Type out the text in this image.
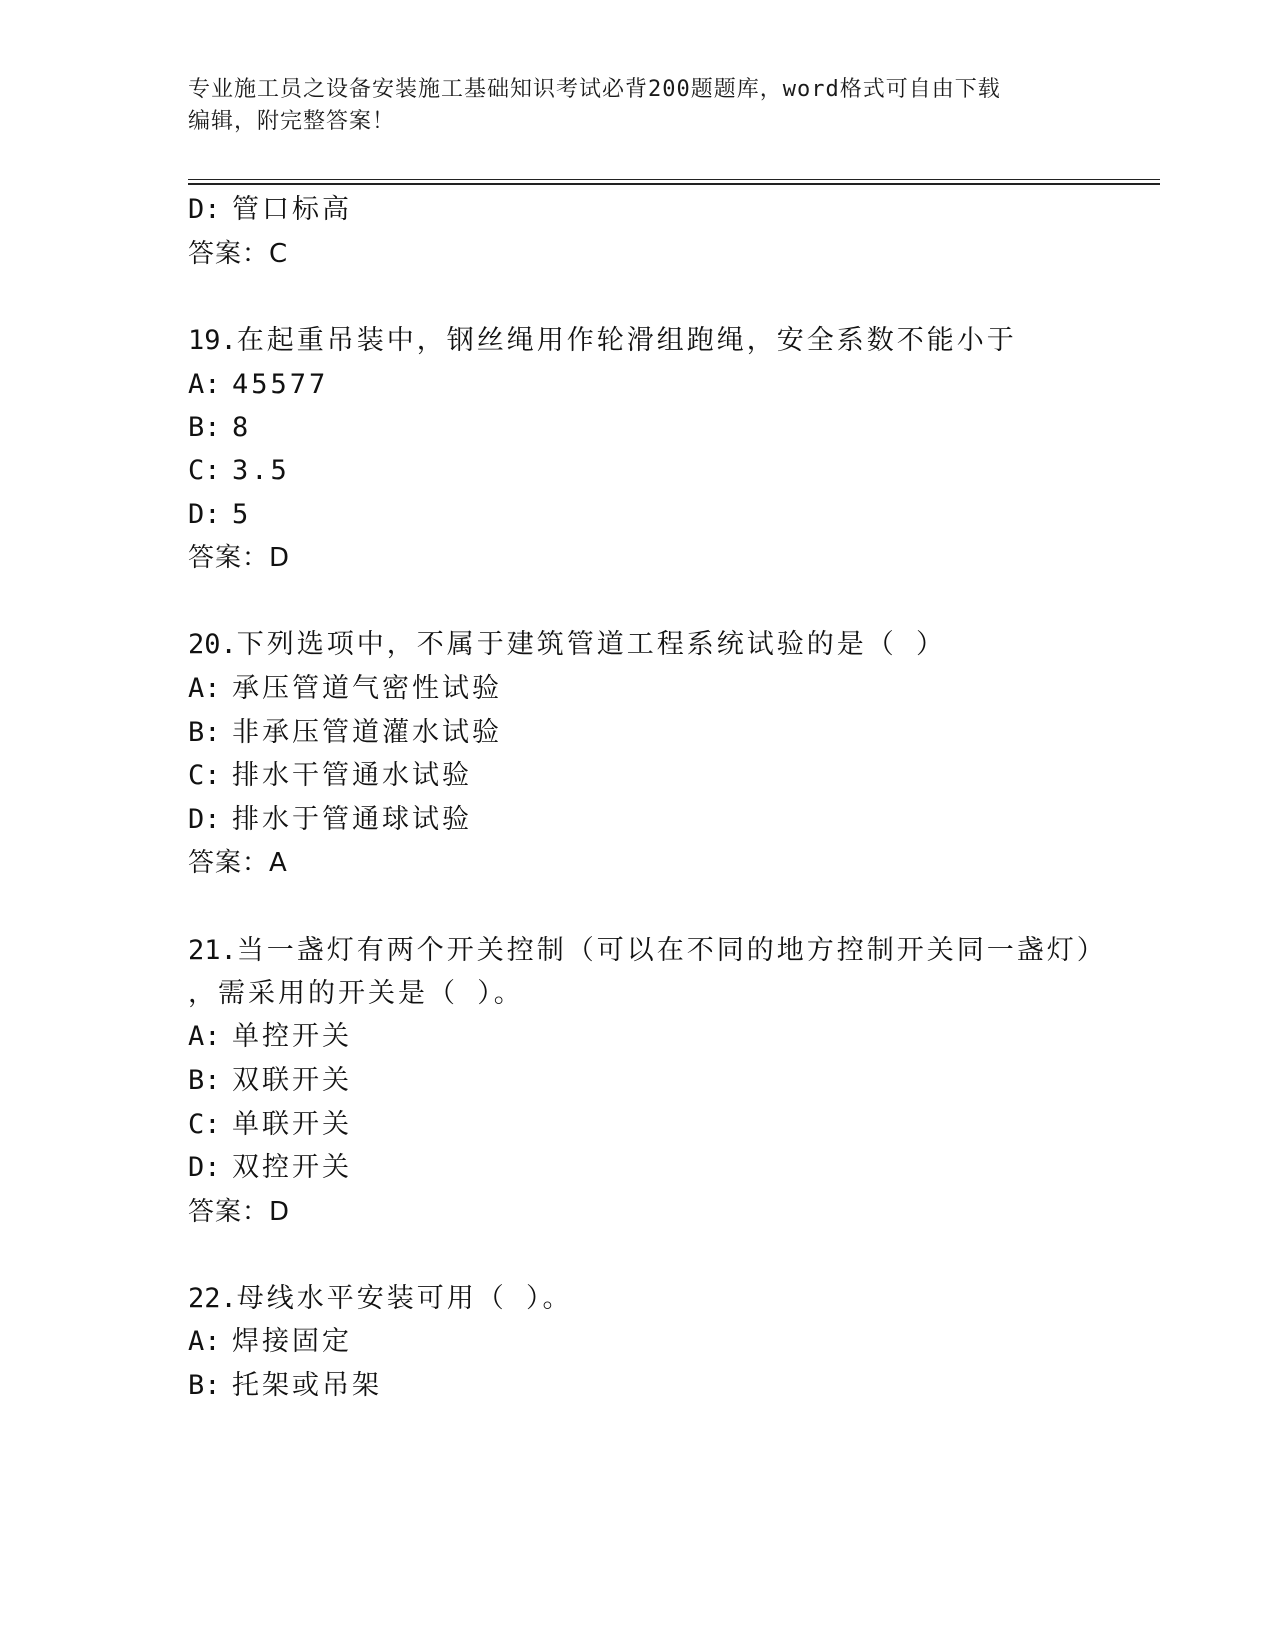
专业施工员之设备安装施工基础知识考试必背200题题库，word格式可自由下载
编辑，附完整答案！
D: 管口标高
答案：C
19.在起重吊装中，钢丝绳用作轮滑组跑绳，安全系数不能小于
A: 45577
B: 8
C: 3.5
D: 5
答案：D
20.下列选项中，不属于建筑管道工程系统试验的是（ ）
A: 承压管道气密性试验
B: 非承压管道灌水试验
C: 排水干管通水试验
D: 排水于管通球试验
答案：A
21.当一盏灯有两个开关控制（可以在不同的地方控制开关同一盏灯）
，需采用的开关是（ ）。
A: 单控开关
B: 双联开关
C: 单联开关
D: 双控开关
答案：D
22.母线水平安装可用（ ）。
A: 焊接固定
B: 托架或吊架
